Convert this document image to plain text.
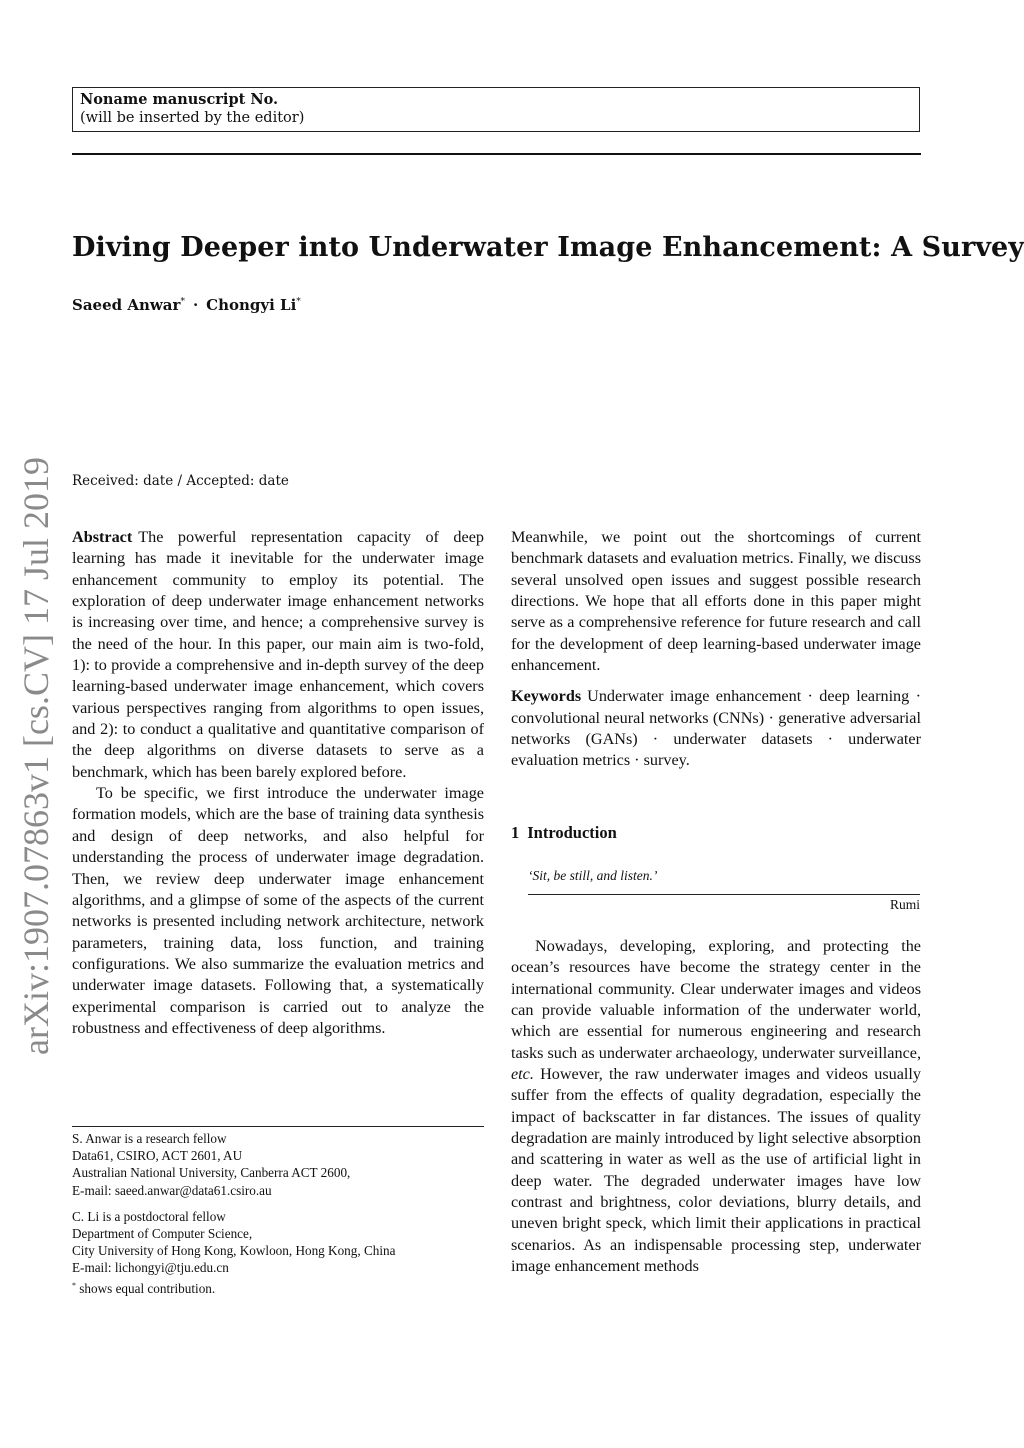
Noname manuscript No.
(will be inserted by the editor)
Diving Deeper into Underwater Image Enhancement: A Survey
Saeed Anwar* · Chongyi Li*
Received: date / Accepted: date
arXiv:1907.07863v1 [cs.CV] 17 Jul 2019 Abstract The powerful representation capacity of deep learning has made it inevitable for the underwater image enhancement community to employ its potential. The exploration of deep underwater image enhancement networks is increasing over time, and hence; a comprehensive survey is the need of the hour. In this paper, our main aim is two-fold, 1): to provide a comprehensive and in-depth survey of the deep learning-based underwater image enhancement, which covers various perspectives ranging from algorithms to open issues, and 2): to conduct a qualitative and quantitative comparison of the deep algorithms on diverse datasets to serve as a benchmark, which has been barely explored before.

To be specific, we first introduce the underwater image formation models, which are the base of training data synthesis and design of deep networks, and also helpful for understanding the process of underwater image degradation. Then, we review deep underwater image enhancement algorithms, and a glimpse of some of the aspects of the current networks is presented including network architecture, network parameters, training data, loss function, and training configurations. We also summarize the evaluation metrics and underwater image datasets. Following that, a systematically experimental comparison is carried out to analyze the robustness and effectiveness of deep algorithms.

S. Anwar is a research fellow
Data61, CSIRO, ACT 2601, AU
Australian National University, Canberra ACT 2600,
E-mail: saeed.anwar@data61.csiro.au
C. Li is a postdoctoral fellow
Department of Computer Science,
City University of Hong Kong, Kowloon, Hong Kong, China
E-mail: lichongyi@tju.edu.cn
* shows equal contribution.

Meanwhile, we point out the shortcomings of current benchmark datasets and evaluation metrics. Finally, we discuss several unsolved open issues and suggest possible research directions. We hope that all efforts done in this paper might serve as a comprehensive reference for future research and call for the development of deep learning-based underwater image enhancement.

Keywords Underwater image enhancement · deep learning · convolutional neural networks (CNNs) · generative adversarial networks (GANs) · underwater datasets · underwater evaluation metrics · survey.

1 Introduction
‘Sit, be still, and listen.’
Rumi

Nowadays, developing, exploring, and protecting the ocean’s resources have become the strategy center in the international community. Clear underwater images and videos can provide valuable information of the underwater world, which are essential for numerous engineering and research tasks such as underwater archaeology, underwater surveillance, etc. However, the raw underwater images and videos usually suffer from the effects of quality degradation, especially the impact of backscatter in far distances. The issues of quality degradation are mainly introduced by light selective absorption and scattering in water as well as the use of artificial light in deep water. The degraded underwater images have low contrast and brightness, color deviations, blurry details, and uneven bright speck, which limit their applications in practical scenarios. As an indispensable processing step, underwater image enhancement methods
